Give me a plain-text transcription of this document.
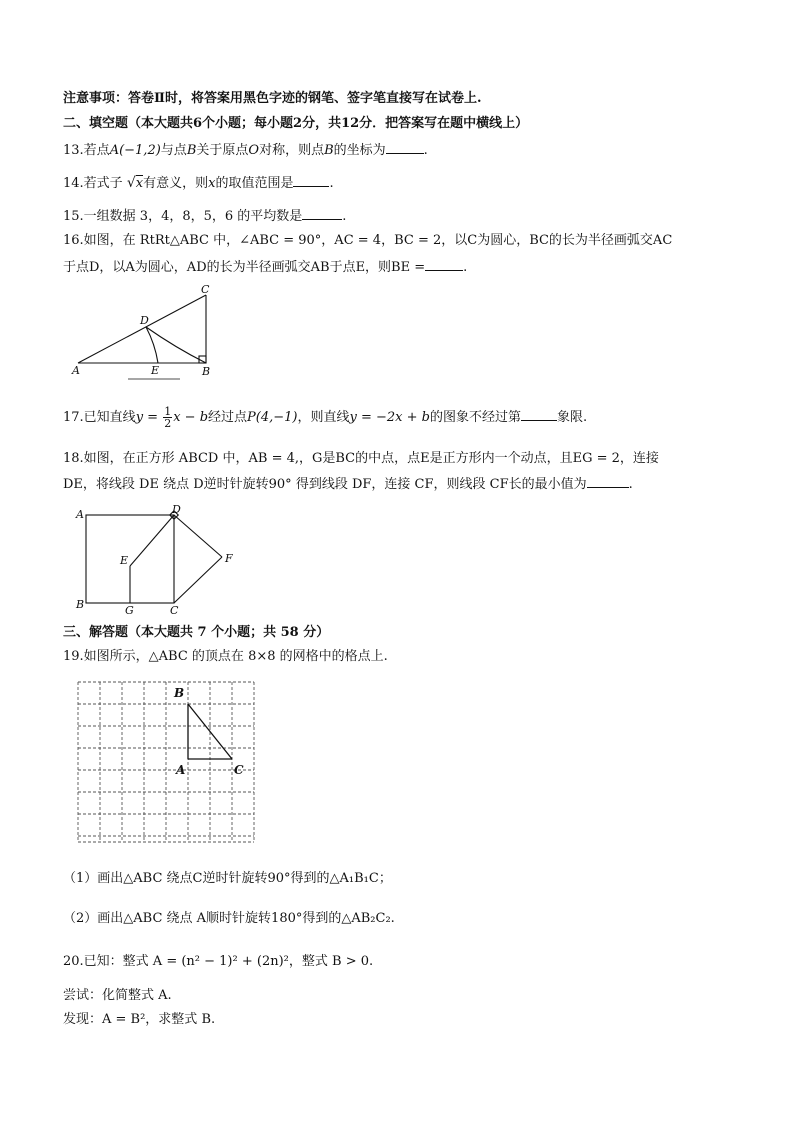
注意事项：答卷Ⅱ时，将答案用黑色字迹的钢笔、签字笔直接写在试卷上.
二、填空题（本大题共6个小题；每小题2分，共12分．把答案写在题中横线上）
13.若点A(−1,2)与点B关于原点O对称，则点B的坐标为	.
14.若式子 √x有意义，则x的取值范围是	.
15.一组数据 3，4，8，5，6 的平均数是	.
16.如图，在 RtRt△ABC 中，∠ABC = 90°，AC = 4，BC = 2，以C为圆心，BC的长为半径画弧交AC
于点D，以A为圆心，AD的长为半径画弧交AB于点E，则BE =	.
A	B
C
D
E
17.已知直线$y = \frac{1}{2}$ x − b经过点P(4,−1)，则直线y = −2x + b的图象不经过第	象限.
18.如图，在正方形 ABCD 中，AB = 4,，G是BC的中点，点E是正方形内一个动点，且EG = 2，连接
DE，将线段 DE 绕点 D逆时针旋转90° 得到线段 DF，连接 CF，则线段 CF长的最小值为	.
A
B	C
D
E	F
G
三、解答题（本大题共 7 个小题；共 58 分）
19.如图所示，△ABC 的顶点在 8×8 的网格中的格点上.
B
A	C
（1）画出△ABC 绕点C逆时针旋转90°得到的△A₁B₁C；
（2）画出△ABC 绕点 A顺时针旋转180°得到的△AB₂C₂.
20.已知：整式 A = (n² − 1)² + (2n)²，整式 B > 0.
尝试：化简整式 A.
发现：A = B²，求整式 B.
